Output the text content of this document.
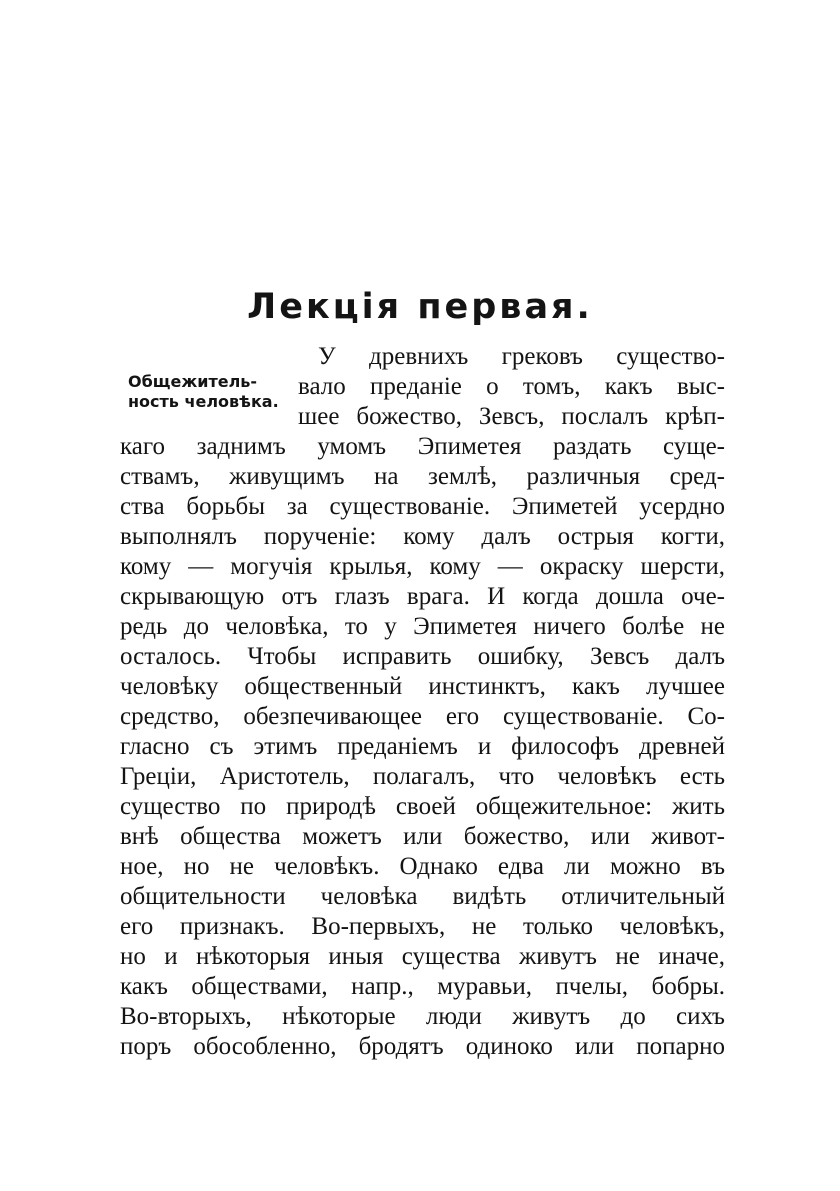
Лекція первая.
Общежитель-
ность человѣка.
У древнихъ грековъ существо-
вало преданіе о томъ, какъ выс-
шее божество, Зевсъ, послалъ крѣп-
каго заднимъ умомъ Эпиметея раздать суще-
ствамъ, живущимъ на землѣ, различныя сред-
ства борьбы за существованіе. Эпиметей усердно
выполнялъ порученіе: кому далъ острыя когти,
кому — могучія крылья, кому — окраску шерсти,
скрывающую отъ глазъ врага. И когда дошла оче-
редь до человѣка, то у Эпиметея ничего болѣе не
осталось. Чтобы исправить ошибку, Зевсъ далъ
человѣку общественный инстинктъ, какъ лучшее
средство, обезпечивающее его существованіе. Со-
гласно съ этимъ преданіемъ и философъ древней
Греціи, Аристотель, полагалъ, что человѣкъ есть
существо по природѣ своей общежительное: жить
внѣ общества можетъ или божество, или живот-
ное, но не человѣкъ. Однако едва ли можно въ
общительности человѣка видѣть отличительный
его признакъ. Во-первыхъ, не только человѣкъ,
но и нѣкоторыя иныя существа живутъ не иначе,
какъ обществами, напр., муравьи, пчелы, бобры.
Во-вторыхъ, нѣкоторые люди живутъ до сихъ
поръ обособленно, бродятъ одиноко или попарно
